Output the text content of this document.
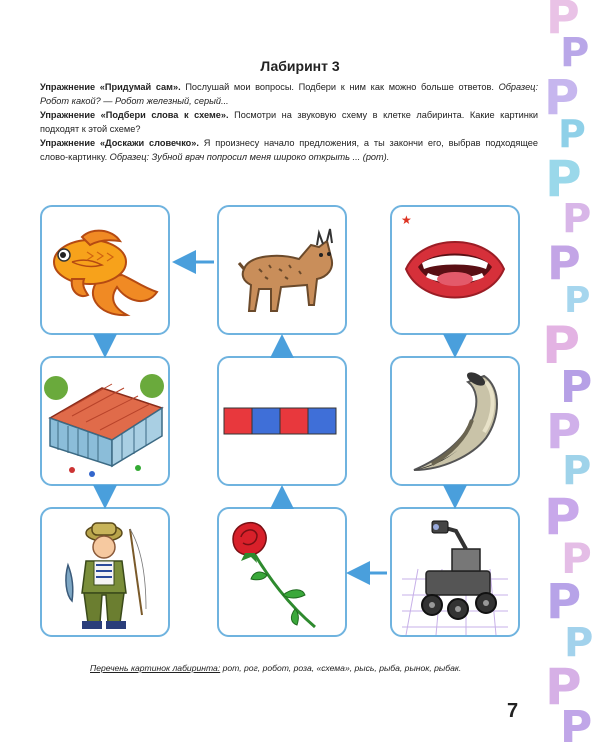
P
P
P
P
P
P
P
P
P
P
P
P
P
P
P
P
P
P
Лабиринт 3

Упражнение «Придумай сам». Послушай мои вопросы. Подбери к ним как можно больше ответов. Образец: Робот какой? — Робот железный, серый...

Упражнение «Подбери слова к схеме». Посмотри на звуковую схему в клетке лабиринта. Какие картинки подходят к этой схеме?

Упражнение «Доскажи словечко». Я произнесу начало предложения, а ты закончи его, выбрав подходящее слово-картинку. Образец: Зубной врач попросил меня широко открыть ... (рот).

★
Перечень картинок лабиринта: рот, рог, робот, роза, «схема», рысь, рыба, рынок, рыбак.
7
